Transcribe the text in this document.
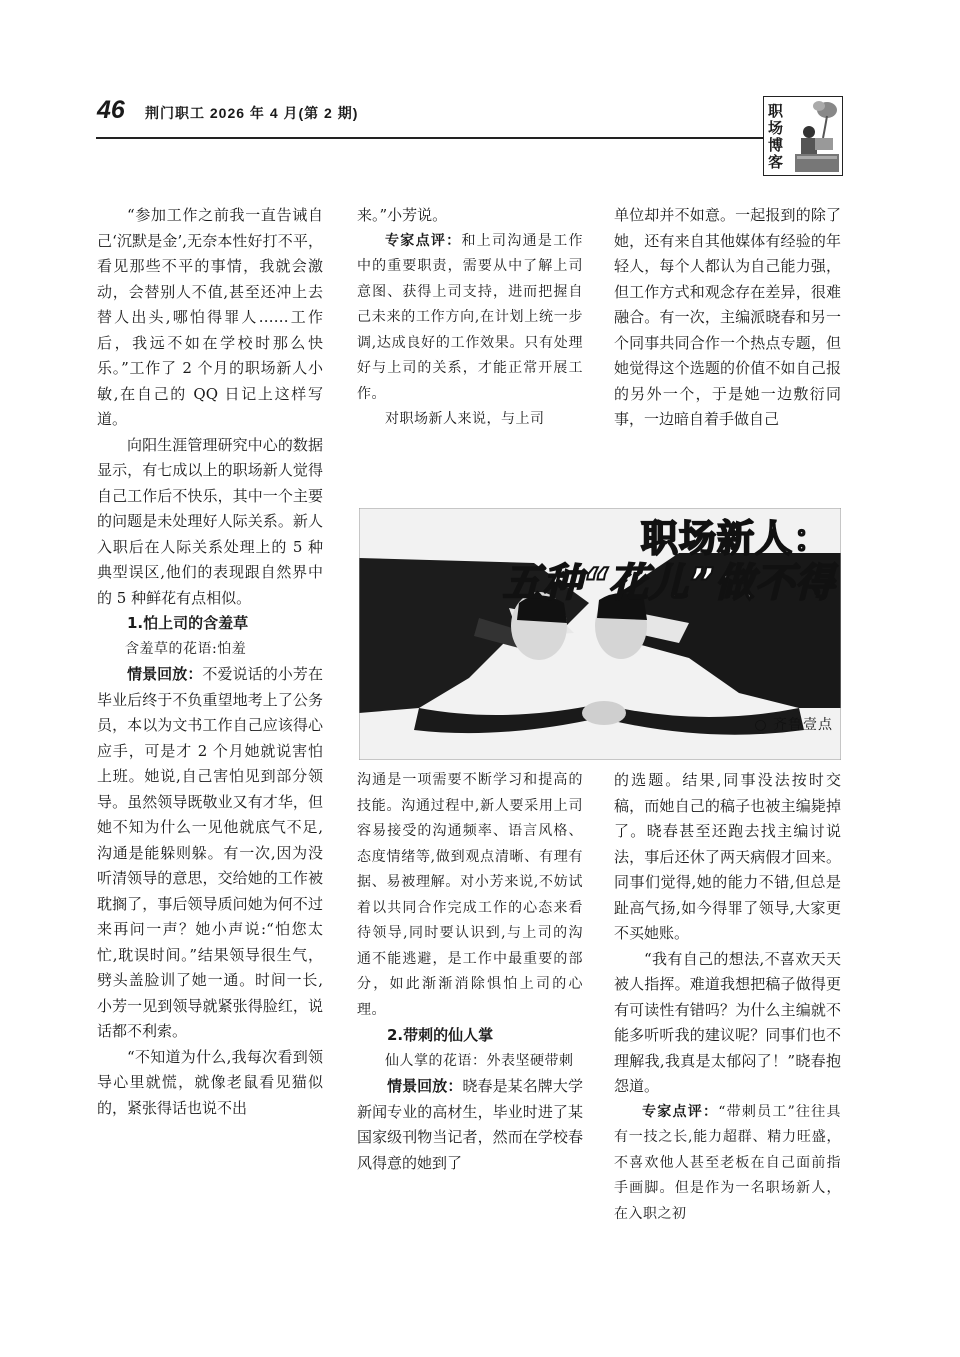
46 荆门职工 2026 年 4 月(第 2 期)	职
场
博
客

“参加工作之前我一直告诫自己‘沉默是金’,无奈本性好打不平，看见那些不平的事情，我就会激动，会替别人不值,甚至还冲上去替人出头,哪怕得罪人……工作后，我远不如在学校时那么快乐。”工作了 2 个月的职场新人小敏,在自己的 QQ 日记上这样写道。

向阳生涯管理研究中心的数据显示，有七成以上的职场新人觉得自己工作后不快乐，其中一个主要的问题是未处理好人际关系。新人入职后在人际关系处理上的 5 种典型误区,他们的表现跟自然界中的 5 种鲜花有点相似。

1.怕上司的含羞草

含羞草的花语:怕羞

情景回放：不爱说话的小芳在毕业后终于不负重望地考上了公务员，本以为文书工作自己应该得心应手，可是才 2 个月她就说害怕上班。她说,自己害怕见到部分领导。虽然领导既敬业又有才华，但她不知为什么一见他就底气不足,沟通是能躲则躲。有一次,因为没听清领导的意思，交给她的工作被耽搁了，事后领导质问她为何不过来再问一声？她小声说:“怕您太忙,耽误时间。”结果领导很生气，劈头盖脸训了她一通。时间一长,小芳一见到领导就紧张得脸红，说话都不利索。

“不知道为什么,我每次看到领导心里就慌，就像老鼠看见猫似的，紧张得话也说不出

来。”小芳说。

专家点评：和上司沟通是工作中的重要职责，需要从中了解上司意图、获得上司支持，进而把握自己未来的工作方向,在计划上统一步调,达成良好的工作效果。只有处理好与上司的关系，才能正常开展工作。

对职场新人来说，与上司

单位却并不如意。一起报到的除了她，还有来自其他媒体有经验的年轻人，每个人都认为自己能力强，但工作方式和观念存在差异，很难融合。有一次，主编派晓春和另一个同事共同合作一个热点专题，但她觉得这个选题的价值不如自己报的另外一个，于是她一边敷衍同事，一边暗自着手做自己

职场新人：
五种“花儿”做不得
○ 齐鲁壹点

沟通是一项需要不断学习和提高的技能。沟通过程中,新人要采用上司容易接受的沟通频率、语言风格、态度情绪等,做到观点清晰、有理有据、易被理解。对小芳来说,不妨试着以共同合作完成工作的心态来看待领导,同时要认识到,与上司的沟通不能逃避，是工作中最重要的部分，如此渐渐消除惧怕上司的心理。

2.带刺的仙人掌

仙人掌的花语：外表坚硬带刺

情景回放：晓春是某名牌大学新闻专业的高材生，毕业时进了某国家级刊物当记者，然而在学校春风得意的她到了

的选题。结果,同事没法按时交稿，而她自己的稿子也被主编毙掉了。晓春甚至还跑去找主编讨说法，事后还休了两天病假才回来。同事们觉得,她的能力不错,但总是趾高气扬,如今得罪了领导,大家更不买她账。

“我有自己的想法,不喜欢天天被人指挥。难道我想把稿子做得更有可读性有错吗？为什么主编就不能多听听我的建议呢？同事们也不理解我,我真是太郁闷了！”晓春抱怨道。

专家点评：“带刺员工”往往具有一技之长,能力超群、精力旺盛，不喜欢他人甚至老板在自己面前指手画脚。但是作为一名职场新人，在入职之初
